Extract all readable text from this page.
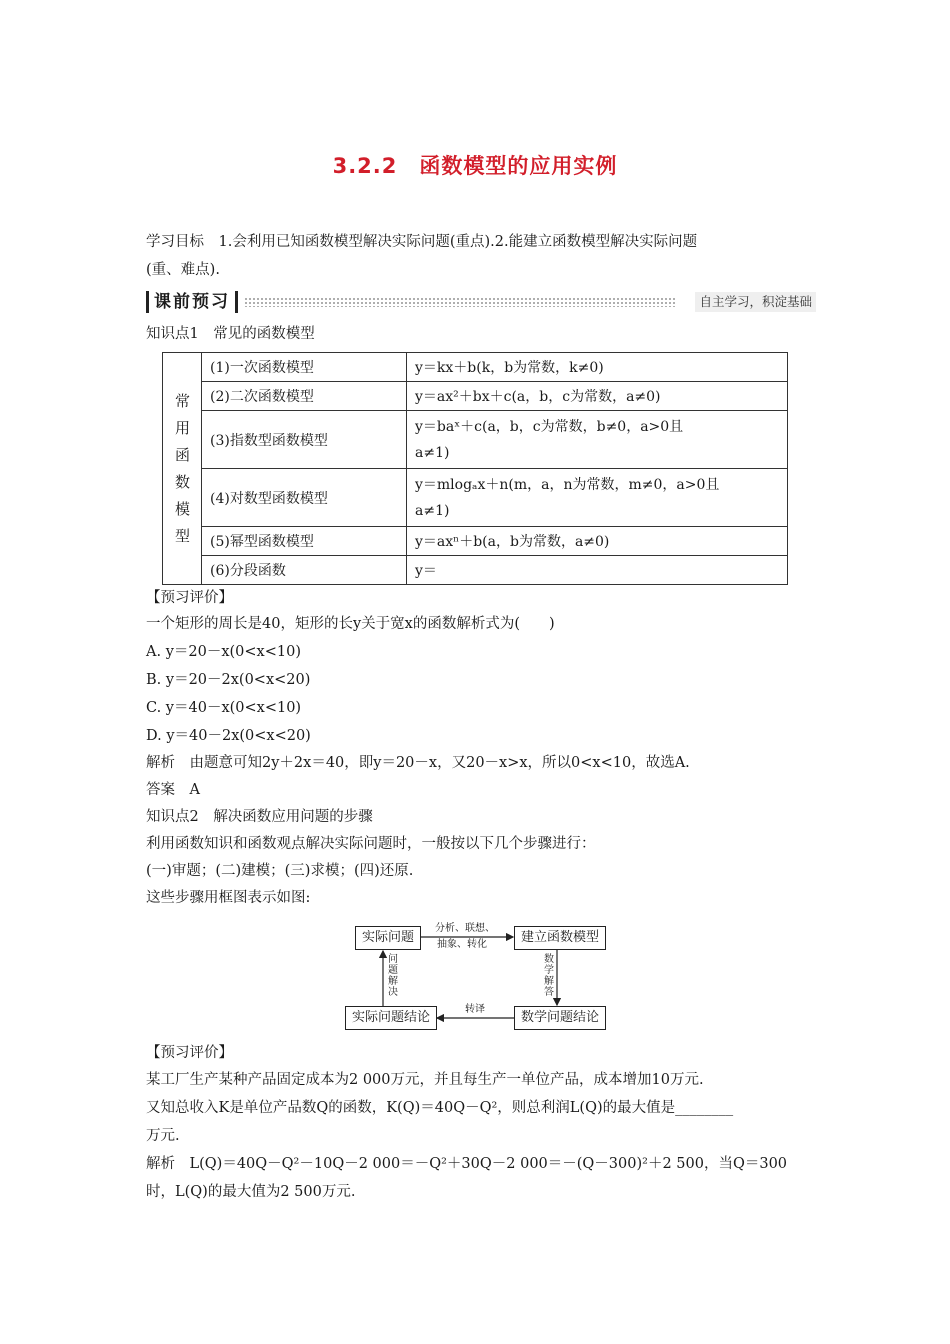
3.2.2 函数模型的应用实例
学习目标　1.会利用已知函数模型解决实际问题(重点).2.能建立函数模型解决实际问题
(重、难点).
课前预习	自主学习，积淀基础
知识点1　常见的函数模型
常用函数模型	(1)一次函数模型	y＝kx＋b(k，b为常数，k≠0)
	(2)二次函数模型	y＝ax²＋bx＋c(a，b，c为常数，a≠0)
	(3)指数型函数模型	y＝baˣ＋c(a，b，c为常数，b≠0，a>0且
a≠1)

	(4)对数型函数模型	y＝mlogₐx＋n(m，a，n为常数，m≠0，a>0且
a≠1)

	(5)幂型函数模型	y＝axⁿ＋b(a，b为常数，a≠0)
	(6)分段函数	y＝
【预习评价】
一个矩形的周长是40，矩形的长y关于宽x的函数解析式为(　　)
A. y＝20－x(0<x<10)
B. y＝20－2x(0<x<20)
C. y＝40－x(0<x<10)
D. y＝40－2x(0<x<20)
解析　由题意可知2y＋2x＝40，即y＝20－x，又20－x>x，所以0<x<10，故选A.
答案　A
知识点2　解决函数应用问题的步骤
利用函数知识和函数观点解决实际问题时，一般按以下几个步骤进行：
(一)审题；(二)建模；(三)求模；(四)还原.
这些步骤用框图表示如图:
实际问题	建立函数模型
数学问题结论
实际问题结论
分析、联想、
抽象、转化
数学解答
转译
问题解决
【预习评价】
某工厂生产某种产品固定成本为2 000万元，并且每生产一单位产品，成本增加10万元.
又知总收入K是单位产品数Q的函数，K(Q)＝40Q－Q²，则总利润L(Q)的最大值是________
万元.
解析　L(Q)＝40Q－Q²－10Q－2 000＝－Q²＋30Q－2 000＝－(Q－300)²＋2 500，当Q＝300
时，L(Q)的最大值为2 500万元.
